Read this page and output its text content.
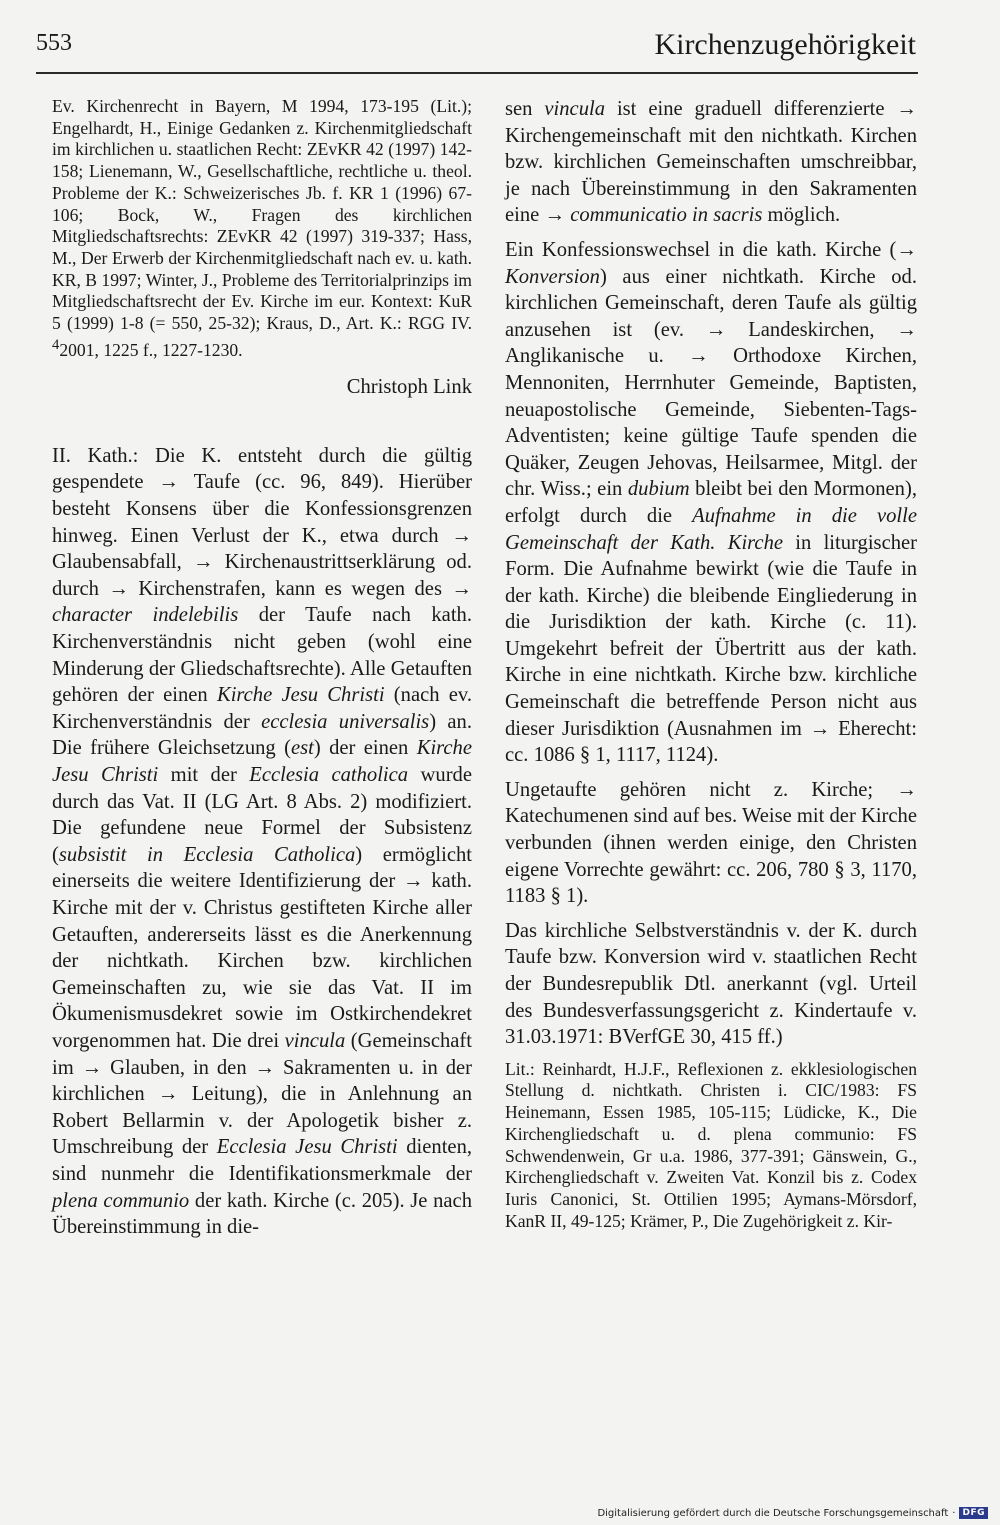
553	Kirchenzugehörigkeit

Ev. Kirchenrecht in Bayern, M 1994, 173-195 (Lit.); Engelhardt, H., Einige Gedanken z. Kirchenmitgliedschaft im kirchlichen u. staatlichen Recht: ZEvKR 42 (1997) 142-158; Lienemann, W., Gesellschaftliche, rechtliche u. theol. Probleme der K.: Schweizerisches Jb. f. KR 1 (1996) 67-106; Bock, W., Fragen des kirchlichen Mitgliedschaftsrechts: ZEvKR 42 (1997) 319-337; Hass, M., Der Erwerb der Kirchenmitgliedschaft nach ev. u. kath. KR, B 1997; Winter, J., Probleme des Territorialprinzips im Mitgliedschaftsrecht der Ev. Kirche im eur. Kontext: KuR 5 (1999) 1-8 (= 550, 25-32); Kraus, D., Art. K.: RGG IV. $^4$2001, 1225 f., 1227-1230.

Christoph Link

II. Kath.: Die K. entsteht durch die gültig gespendete → Taufe (cc. 96, 849). Hierüber besteht Konsens über die Konfessionsgrenzen hinweg. Einen Verlust der K., etwa durch → Glaubensabfall, → Kirchenaustrittserklärung od. durch → Kirchenstrafen, kann es wegen des → character indelebilis der Taufe nach kath. Kirchenverständnis nicht geben (wohl eine Minderung der Gliedschaftsrechte). Alle Getauften gehören der einen Kirche Jesu Christi (nach ev. Kirchenverständnis der ecclesia universalis) an. Die frühere Gleichsetzung (est) der einen Kirche Jesu Christi mit der Ecclesia catholica wurde durch das Vat. II (LG Art. 8 Abs. 2) modifiziert. Die gefundene neue Formel der Subsistenz (subsistit in Ecclesia Catholica) ermöglicht einerseits die weitere Identifizierung der → kath. Kirche mit der v. Christus gestifteten Kirche aller Getauften, andererseits lässt es die Anerkennung der nichtkath. Kirchen bzw. kirchlichen Gemeinschaften zu, wie sie das Vat. II im Ökumenismusdekret sowie im Ostkirchendekret vorgenommen hat. Die drei vincula (Gemeinschaft im → Glauben, in den → Sakramenten u. in der kirchlichen → Leitung), die in Anlehnung an Robert Bellarmin v. der Apologetik bisher z. Umschreibung der Ecclesia Jesu Christi dienten, sind nunmehr die Identifikationsmerkmale der plena communio der kath. Kirche (c. 205). Je nach Übereinstimmung in die-

sen vincula ist eine graduell differenzierte → Kirchengemeinschaft mit den nichtkath. Kirchen bzw. kirchlichen Gemeinschaften umschreibbar, je nach Übereinstimmung in den Sakramenten eine → communicatio in sacris möglich.

Ein Konfessionswechsel in die kath. Kirche (→ Konversion) aus einer nichtkath. Kirche od. kirchlichen Gemeinschaft, deren Taufe als gültig anzusehen ist (ev. → Landeskirchen, → Anglikanische u. → Orthodoxe Kirchen, Mennoniten, Herrnhuter Gemeinde, Baptisten, neuapostolische Gemeinde, Siebenten-Tags-Adventisten; keine gültige Taufe spenden die Quäker, Zeugen Jehovas, Heilsarmee, Mitgl. der chr. Wiss.; ein dubium bleibt bei den Mormonen), erfolgt durch die Aufnahme in die volle Gemeinschaft der Kath. Kirche in liturgischer Form. Die Aufnahme bewirkt (wie die Taufe in der kath. Kirche) die bleibende Eingliederung in die Jurisdiktion der kath. Kirche (c. 11). Umgekehrt befreit der Übertritt aus der kath. Kirche in eine nichtkath. Kirche bzw. kirchliche Gemeinschaft die betreffende Person nicht aus dieser Jurisdiktion (Ausnahmen im → Eherecht: cc. 1086 § 1, 1117, 1124).

Ungetaufte gehören nicht z. Kirche; → Katechumenen sind auf bes. Weise mit der Kirche verbunden (ihnen werden einige, den Christen eigene Vorrechte gewährt: cc. 206, 780 § 3, 1170, 1183 § 1).

Das kirchliche Selbstverständnis v. der K. durch Taufe bzw. Konversion wird v. staatlichen Recht der Bundesrepublik Dtl. anerkannt (vgl. Urteil des Bundesverfassungsgericht z. Kindertaufe v. 31.03.1971: BVerfGE 30, 415 ff.)

Lit.: Reinhardt, H.J.F., Reflexionen z. ekklesiologischen Stellung d. nichtkath. Christen i. CIC/1983: FS Heinemann, Essen 1985, 105-115; Lüdicke, K., Die Kirchengliedschaft u. d. plena communio: FS Schwendenwein, Gr u.a. 1986, 377-391; Gänswein, G., Kirchengliedschaft v. Zweiten Vat. Konzil bis z. Codex Iuris Canonici, St. Ottilien 1995; Aymans-Mörsdorf, KanR II, 49-125; Krämer, P., Die Zugehörigkeit z. Kir-

Digitalisierung gefördert durch die Deutsche Forschungsgemeinschaft · DFG
